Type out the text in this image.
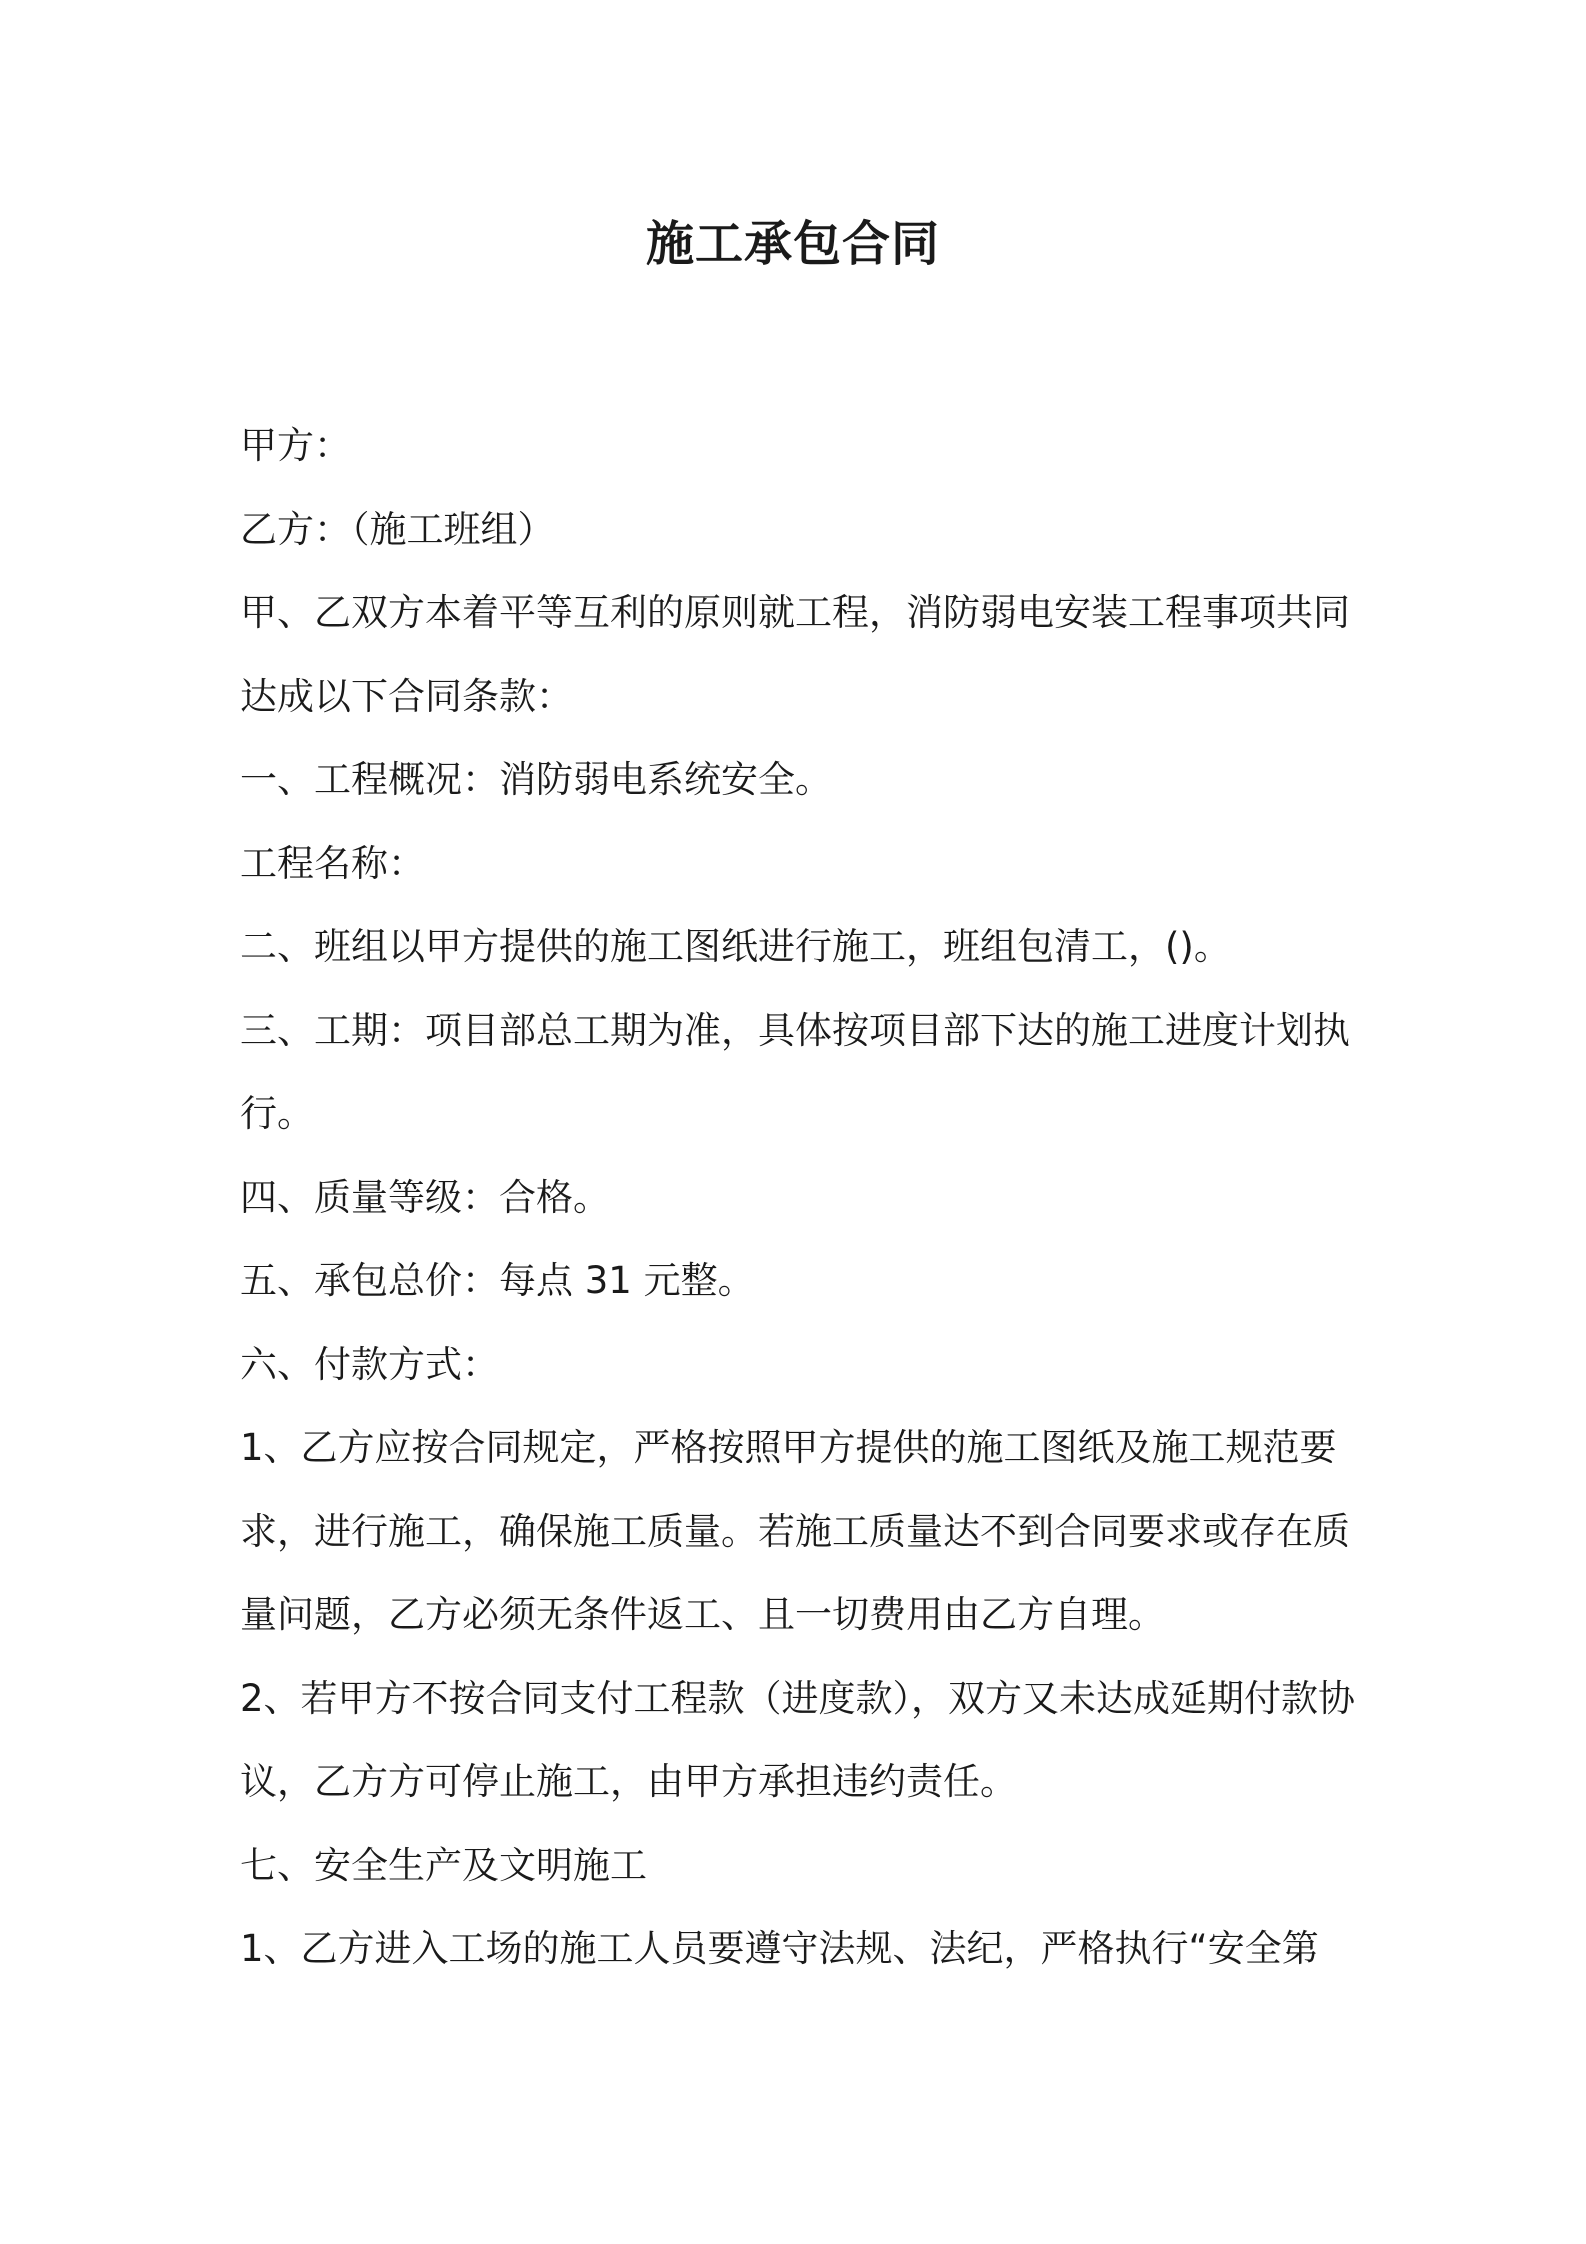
施工承包合同
甲方：
乙方：（施工班组）
甲、乙双方本着平等互利的原则就工程，消防弱电安装工程事项共同
达成以下合同条款：
一、工程概况：消防弱电系统安全。
工程名称：
二、班组以甲方提供的施工图纸进行施工，班组包清工，()。
三、工期：项目部总工期为准，具体按项目部下达的施工进度计划执
行。
四、质量等级：合格。
五、承包总价：每点 31 元整。
六、付款方式：
1、乙方应按合同规定，严格按照甲方提供的施工图纸及施工规范要
求，进行施工，确保施工质量。若施工质量达不到合同要求或存在质
量问题，乙方必须无条件返工、且一切费用由乙方自理。
2、若甲方不按合同支付工程款（进度款），双方又未达成延期付款协
议，乙方方可停止施工，由甲方承担违约责任。
七、安全生产及文明施工
1、乙方进入工场的施工人员要遵守法规、法纪，严格执行“安全第
